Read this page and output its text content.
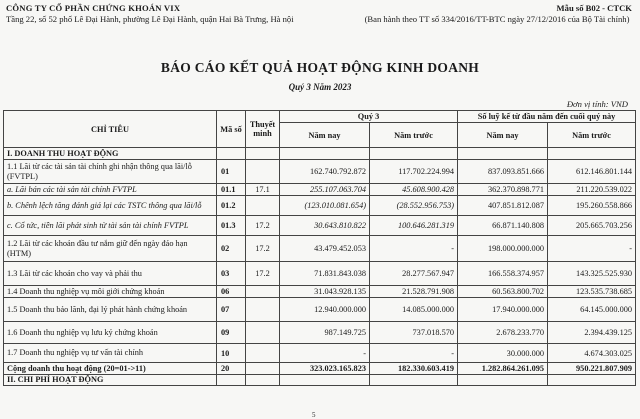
CÔNG TY CỔ PHẦN CHỨNG KHOÁN VIX
Tầng 22, số 52 phố Lê Đại Hành, phường Lê Đại Hành, quận Hai Bà Trưng, Hà nội
Mẫu số B02 - CTCK
(Ban hành theo TT số 334/2016/TT-BTC ngày 27/12/2016 của Bộ Tài chính)
BÁO CÁO KẾT QUẢ HOẠT ĐỘNG KINH DOANH
Quý 3 Năm 2023
Đơn vị tính: VND
CHỈ TIÊU	Mã số	Thuyết minh	Quý 3		Số luỹ kế từ đầu năm đến cuối quý này	
			Năm nay	Năm trước	Năm nay	Năm trước
I. DOANH THU HOẠT ĐỘNG						
1.1 Lãi từ các tài sản tài chính ghi nhận thông qua lãi/lỗ (FVTPL)	01		162.740.792.872	117.702.224.994	837.093.851.666	612.146.801.144
a. Lãi bán các tài sản tài chính FVTPL	01.1	17.1	255.107.063.704	45.608.900.428	362.370.898.771	211.220.539.022
b. Chênh lệch tăng đánh giá lại các TSTC thông qua lãi/lỗ	01.2		(123.010.081.654)	(28.552.956.753)	407.851.812.087	195.260.558.866
c. Cổ tức, tiền lãi phát sinh từ tài sản tài chính FVTPL	01.3	17.2	30.643.810.822	100.646.281.319	66.871.140.808	205.665.703.256
1.2 Lãi từ các khoản đầu tư nắm giữ đến ngày đáo hạn (HTM)	02	17.2	43.479.452.053	-	198.000.000.000	-
1.3 Lãi từ các khoản cho vay và phải thu	03	17.2	71.831.843.038	28.277.567.947	166.558.374.957	143.325.525.930
1.4 Doanh thu nghiệp vụ môi giới chứng khoán	06		31.043.928.135	21.528.791.908	60.563.800.702	123.535.738.685
1.5 Doanh thu bảo lãnh, đại lý phát hành chứng khoán	07		12.940.000.000	14.085.000.000	17.940.000.000	64.145.000.000
1.6 Doanh thu nghiệp vụ lưu ký chứng khoán	09		987.149.725	737.018.570	2.678.233.770	2.394.439.125
1.7 Doanh thu nghiệp vụ tư vấn tài chính	10		-	-	30.000.000	4.674.303.025
Cộng doanh thu hoạt động (20=01->11)	20		323.023.165.823	182.330.603.419	1.282.864.261.095	950.221.807.909
II. CHI PHÍ HOẠT ĐỘNG						
5
